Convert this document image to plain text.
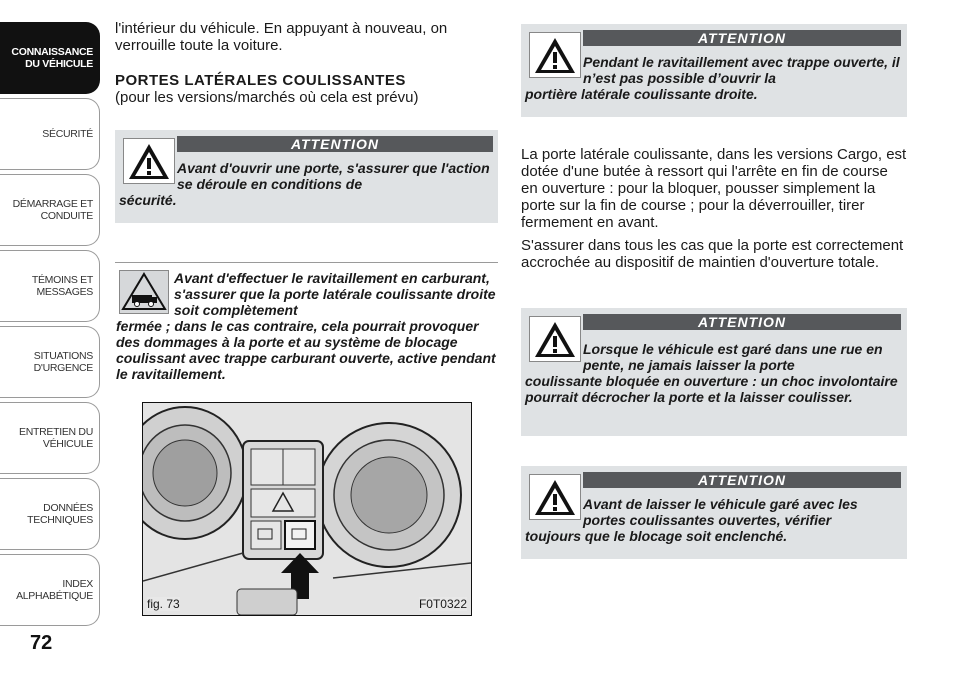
CONNAISSANCE
DU VÉHICULE
SÉCURITÉ
DÉMARRAGE ET
CONDUITE
TÉMOINS ET
MESSAGES
SITUATIONS
D'URGENCE
ENTRETIEN DU
VÉHICULE
DONNÉES
TECHNIQUES
INDEX
ALPHABÉTIQUE
72

l'intérieur du véhicule. En appuyant à nouveau, on verrouille toute la voiture.

PORTES LATÉRALES COULISSANTES

(pour les versions/marchés où cela est prévu)

ATTENTION
Avant d'ouvrir une porte, s'assurer que l'action se déroule en conditions de
sécurité.
Avant d'effectuer le ravitaillement en carburant, s'assurer que la porte latérale coulissante droite soit complètement
fermée ; dans le cas contraire, cela pourrait provoquer des dommages à la porte et au système de blocage coulissant avec trappe carburant ouverte, active pendant le ravitaillement.
fig. 73	F0T0322
ATTENTION
Pendant le ravitaillement avec trappe ouverte, il n’est pas possible d’ouvrir la
portière latérale coulissante droite.

La porte latérale coulissante, dans les versions Cargo, est dotée d'une butée à ressort qui l'arrête en fin de course en ouverture : pour la bloquer, pousser simplement la porte sur la fin de course ; pour la déverrouiller, tirer fermement en avant.

S'assurer dans tous les cas que la porte est correctement accrochée au dispositif de maintien d'ouverture totale.

ATTENTION
Lorsque le véhicule est garé dans une rue en pente, ne jamais laisser la porte
coulissante bloquée en ouverture : un choc involontaire pourrait décrocher la porte et la laisser coulisser.
ATTENTION
Avant de laisser le véhicule garé avec les portes coulissantes ouvertes, vérifier
toujours que le blocage soit enclenché.
